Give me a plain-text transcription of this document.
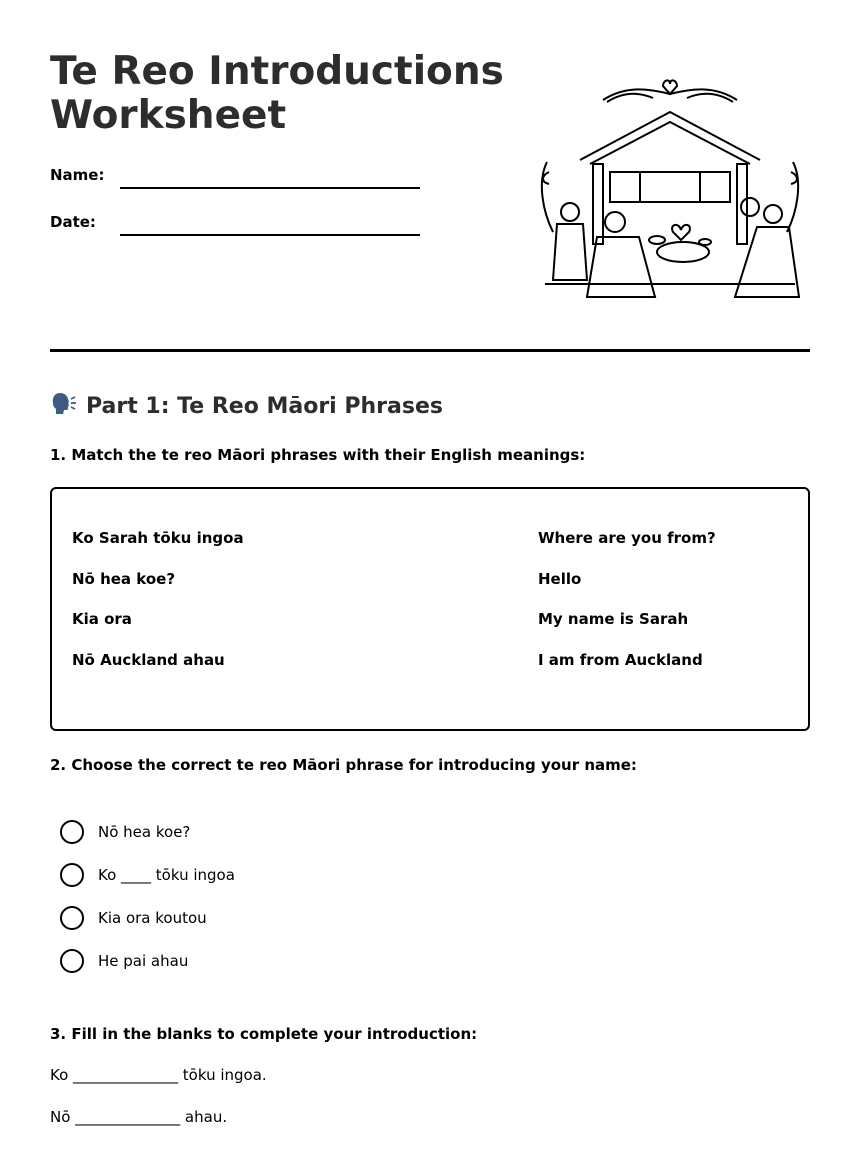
Te Reo Introductions
Worksheet
Name:
Date:
Part 1: Te Reo Māori Phrases
1. Match the te reo Māori phrases with their English meanings:
Ko Sarah tōku ingoa
Nō hea koe?
Kia ora
Nō Auckland ahau
Where are you from?
Hello
My name is Sarah
I am from Auckland
2. Choose the correct te reo Māori phrase for introducing your name:
Nō hea koe?
Ko ____ tōku ingoa
Kia ora koutou
He pai ahau
3. Fill in the blanks to complete your introduction:
Ko ______________ tōku ingoa.
Nō ______________ ahau.
